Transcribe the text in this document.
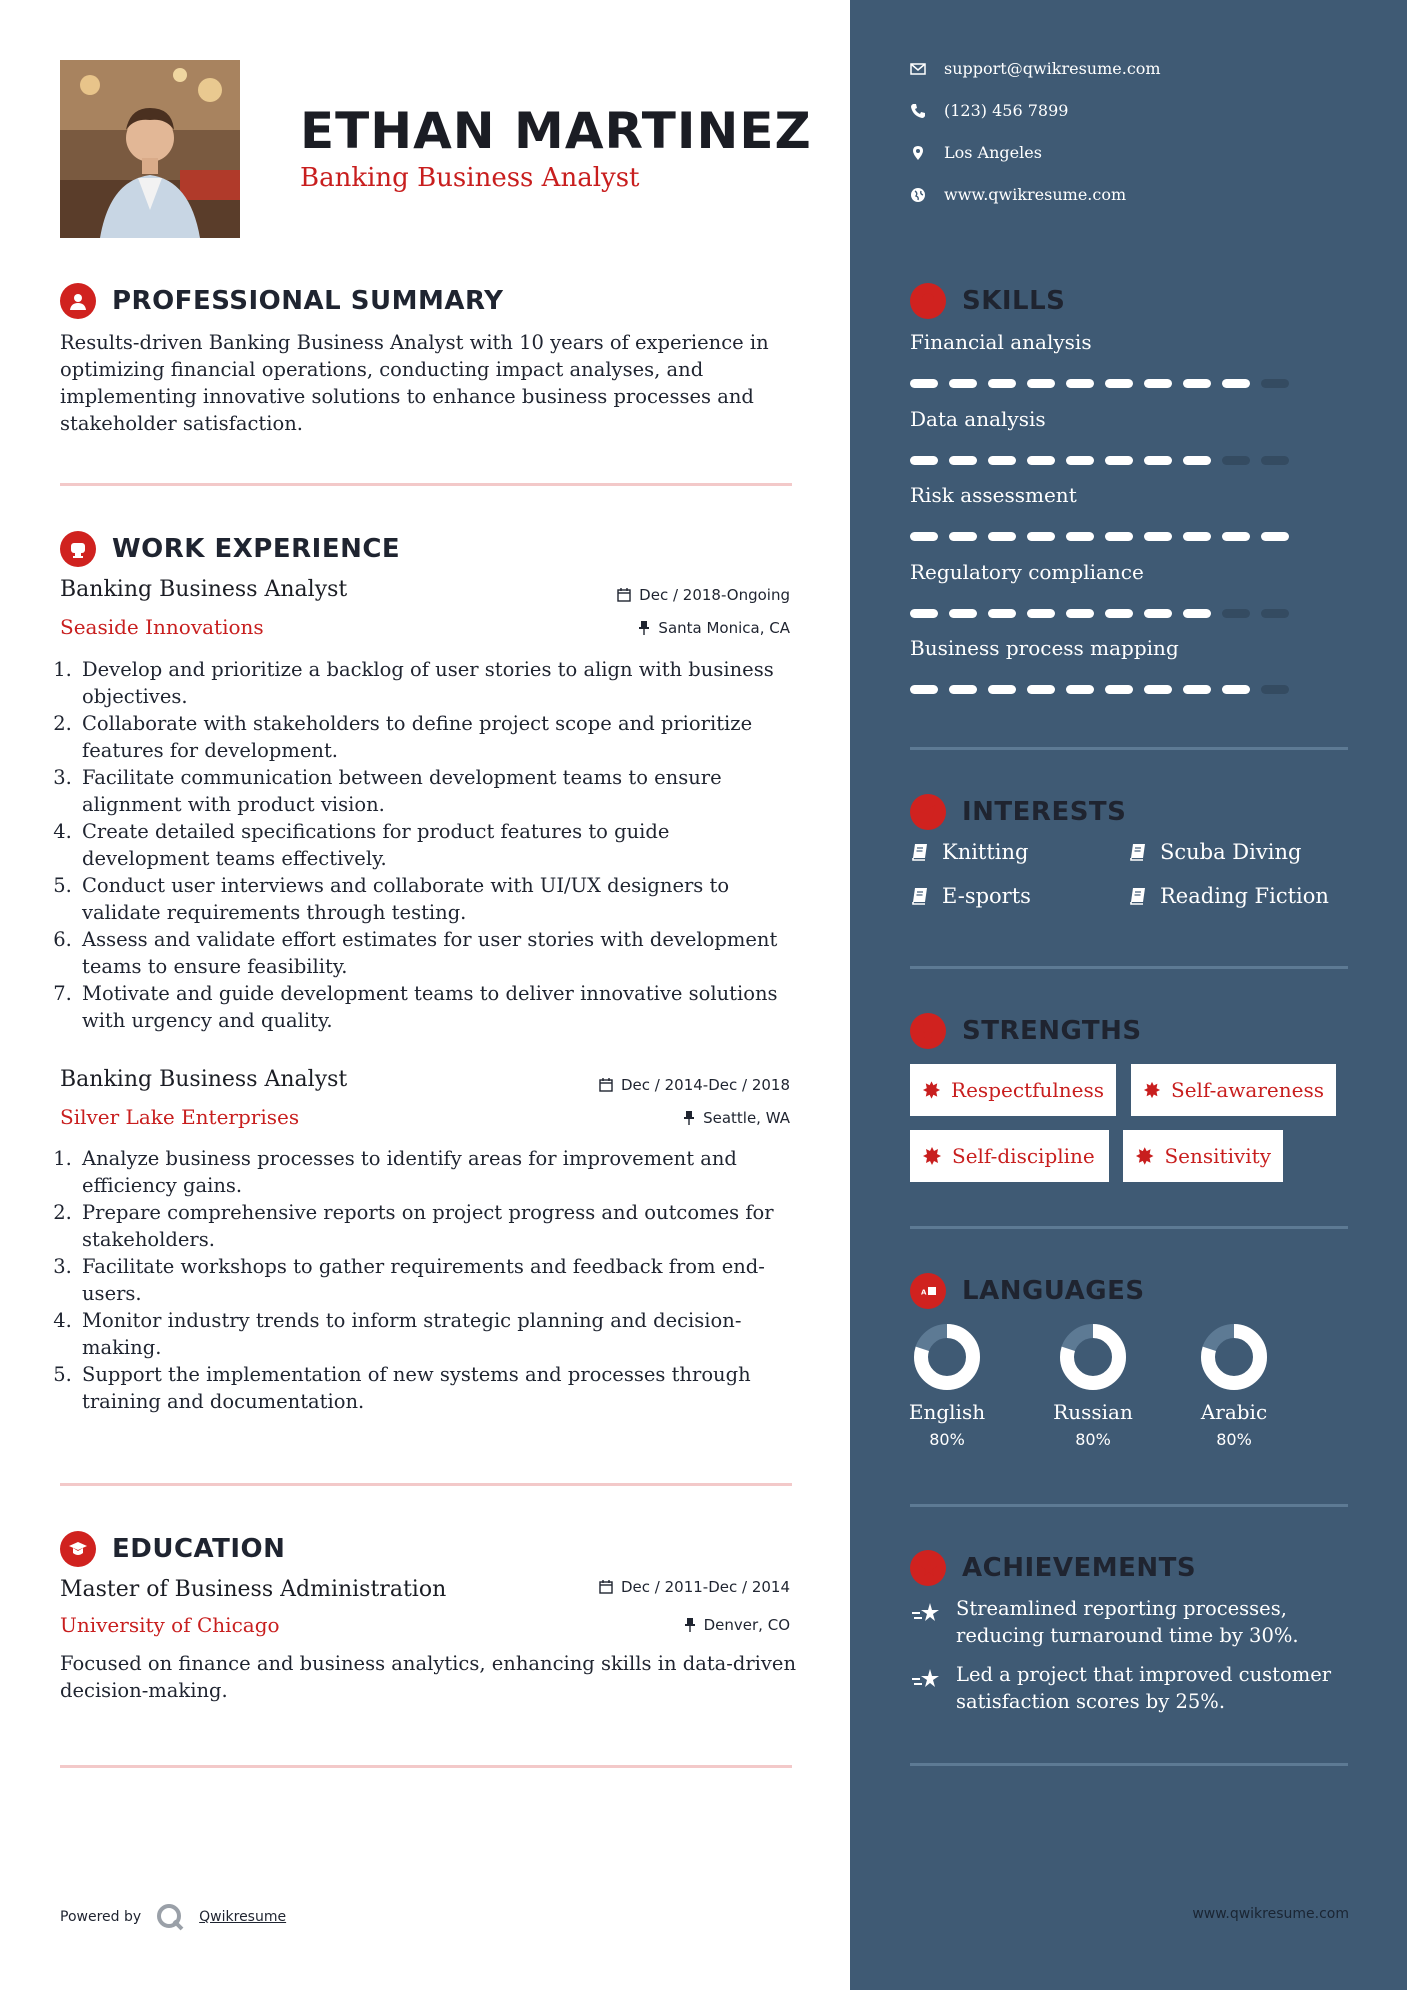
ETHAN MARTINEZ
Banking Business Analyst
PROFESSIONAL SUMMARY
Results-driven Banking Business Analyst with 10 years of experience in optimizing financial operations, conducting impact analyses, and implementing innovative solutions to enhance business processes and stakeholder satisfaction.
WORK EXPERIENCE
Banking Business Analyst	Dec / 2018-Ongoing
Seaside Innovations	Santa Monica, CA
1. Develop and prioritize a backlog of user stories to align with business objectives.
2. Collaborate with stakeholders to define project scope and prioritize features for development.
3. Facilitate communication between development teams to ensure alignment with product vision.
4. Create detailed specifications for product features to guide development teams effectively.
5. Conduct user interviews and collaborate with UI/UX designers to validate requirements through testing.
6. Assess and validate effort estimates for user stories with development teams to ensure feasibility.
7. Motivate and guide development teams to deliver innovative solutions with urgency and quality.
Banking Business Analyst	Dec / 2014-Dec / 2018
Silver Lake Enterprises	Seattle, WA
1. Analyze business processes to identify areas for improvement and efficiency gains.
2. Prepare comprehensive reports on project progress and outcomes for stakeholders.
3. Facilitate workshops to gather requirements and feedback from end-users.
4. Monitor industry trends to inform strategic planning and decision-making.
5. Support the implementation of new systems and processes through training and documentation.
EDUCATION
Master of Business Administration	Dec / 2011-Dec / 2014
University of Chicago	Denver, CO
Focused on finance and business analytics, enhancing skills in data-driven decision-making.
Powered by	Qwikresume
support@qwikresume.com
(123) 456 7899
Los Angeles
www.qwikresume.com
SKILLS
Financial analysis
Data analysis
Risk assessment
Regulatory compliance
Business process mapping
INTERESTS
Knitting	Scuba Diving
E-sports	Reading Fiction
STRENGTHS
Respectfulness	Self-awareness
Self-discipline	Sensitivity
A LANGUAGES
English
80%
Russian
80%
Arabic
80%
ACHIEVEMENTS
Streamlined reporting processes, reducing turnaround time by 30%.
Led a project that improved customer satisfaction scores by 25%.
www.qwikresume.com
